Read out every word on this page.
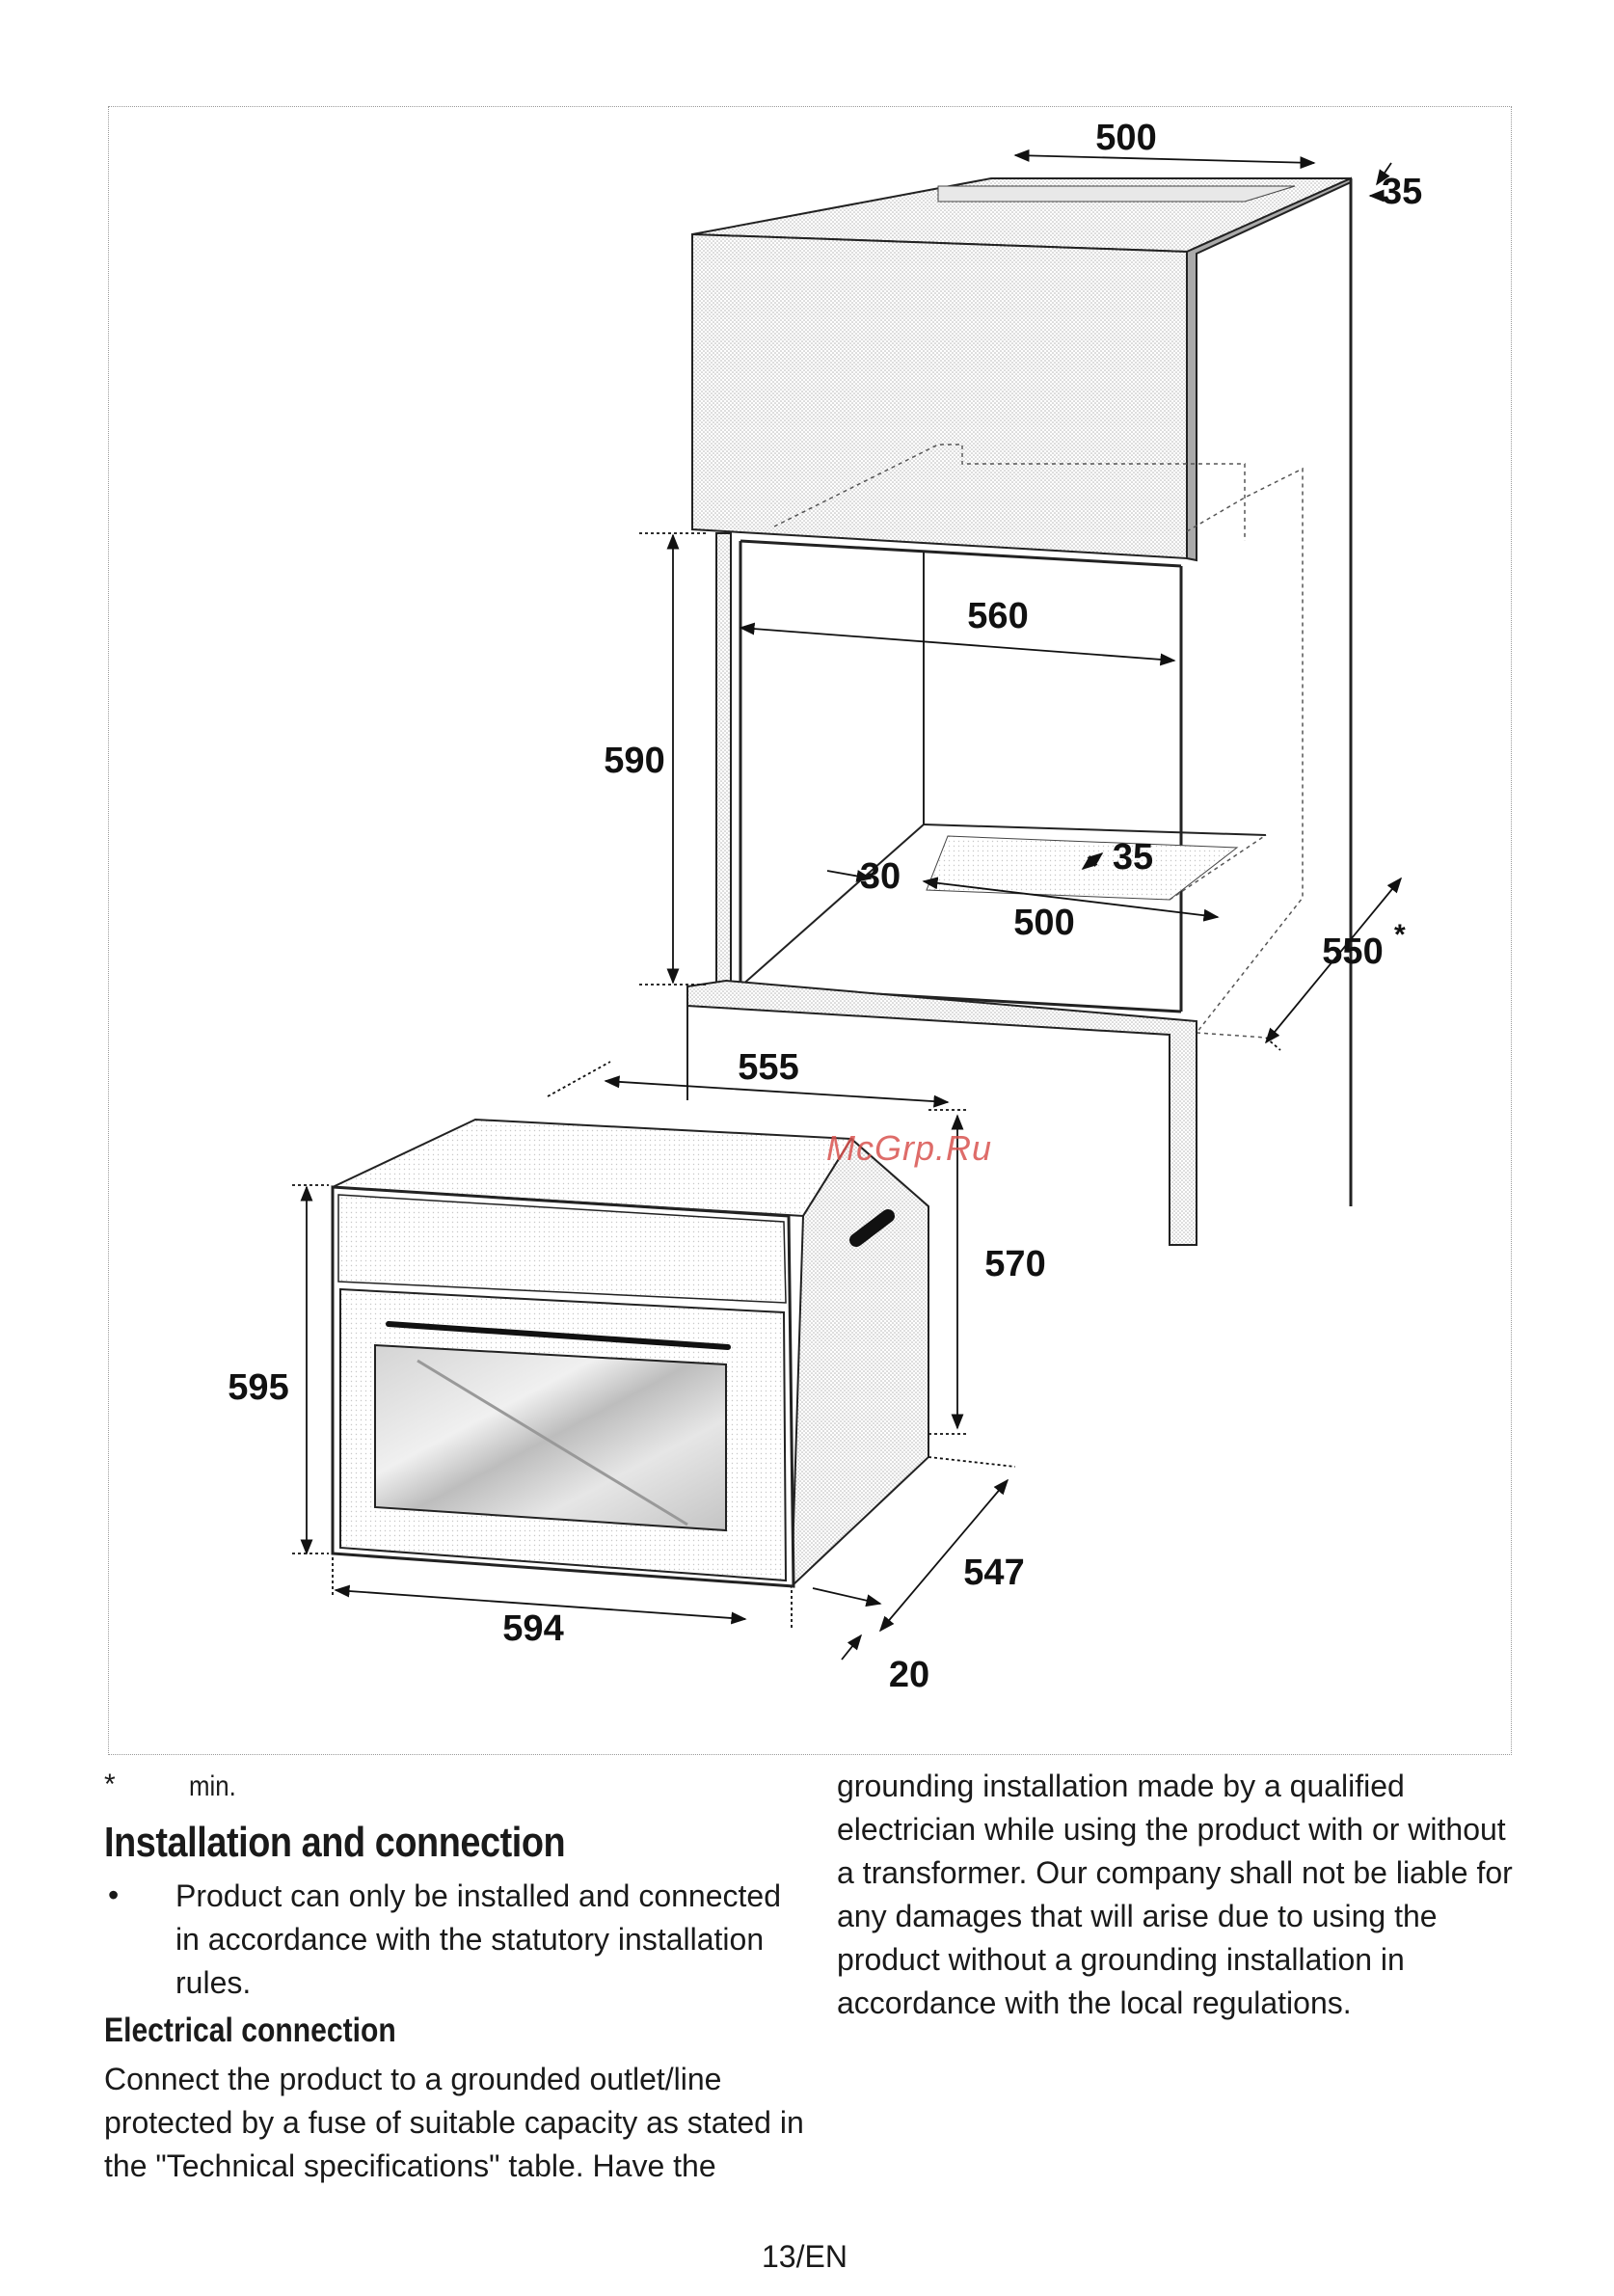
500
35
560
590
30
500
35
550 *
555
570
595
547
594
20
McGrp.Ru
*	min.
Installation and connection
• Product can only be installed and connected in accordance with the statutory installation rules.
Electrical connection
Connect the product to a grounded outlet/line protected by a fuse of suitable capacity as stated in the "Technical specifications" table. Have the
grounding installation made by a qualified electrician while using the product with or without a transformer. Our company shall not be liable for any damages that will arise due to using the product without a grounding installation in accordance with the local regulations.
13/EN
